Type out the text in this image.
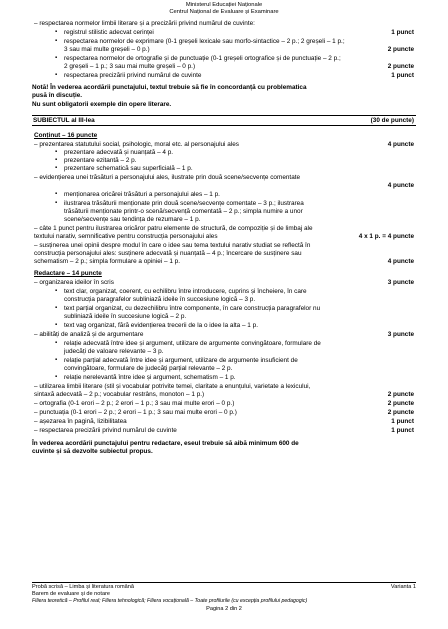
Ministerul Educației Naționale
Centrul Național de Evaluare și Examinare
– respectarea normelor limbii literare și a precizării privind numărul de cuvinte:
▪ registrul stilistic adecvat cerinței	1 punct
▪ respectarea normelor de exprimare (0-1 greșeli lexicale sau morfo-sintactice – 2 p.; 2 greșeli – 1 p.;
3 sau mai multe greșeli – 0 p.)	2 puncte
▪ respectarea normelor de ortografie și de punctuație (0-1 greșeli ortografice și de punctuație – 2 p.;
2 greșeli – 1 p.; 3 sau mai multe greșeli – 0 p.)	2 puncte
▪ respectarea precizării privind numărul de cuvinte	1 punct
Notă! În vederea acordării punctajului, textul trebuie să fie în concordanță cu problematica
pusă în discuție.
Nu sunt obligatorii exemple din opere literare.
SUBIECTUL al III-lea	(30 de puncte)
Conținut – 16 puncte
– prezentarea statutului social, psihologic, moral etc. al personajului ales	4 puncte
▪ prezentare adecvată și nuanțată – 4 p.
▪ prezentare ezitantă – 2 p.
▪ prezentare schematică sau superficială – 1 p.
– evidențierea unei trăsături a personajului ales, ilustrate prin două scene/secvențe comentate
4 puncte
▪ menționarea oricărei trăsături a personajului ales – 1 p.
▪ ilustrarea trăsăturii menționate prin două scene/secvențe comentate – 3 p.; ilustrarea
trăsăturii menționate printr-o scenă/secvență comentată – 2 p.; simpla numire a unor
scene/secvențe sau tendința de rezumare – 1 p.
– câte 1 punct pentru ilustrarea oricăror patru elemente de structură, de compoziție și de limbaj ale
textului narativ, semnificative pentru construcția personajului ales	4 x 1 p. = 4 puncte
– susținerea unei opinii despre modul în care o idee sau tema textului narativ studiat se reflectă în
construcția personajului ales: susținere adecvată și nuanțată – 4 p.; încercare de susținere sau
schematism – 2 p.; simpla formulare a opiniei – 1 p.	4 puncte
Redactare – 14 puncte
– organizarea ideilor în scris	3 puncte
▪ text clar, organizat, coerent, cu echilibru între introducere, cuprins și încheiere, în care
construcția paragrafelor subliniază ideile în succesiune logică – 3 p.
▪ text parțial organizat, cu dezechilibru între componente, în care construcția paragrafelor nu
subliniază ideile în succesiune logică – 2 p.
▪ text vag organizat, fără evidențierea trecerii de la o idee la alta – 1 p.
– abilități de analiză și de argumentare	3 puncte
▪ relație adecvată între idee și argument, utilizare de argumente convingătoare, formulare de
judecăți de valoare relevante – 3 p.
▪ relație parțial adecvată între idee și argument, utilizare de argumente insuficient de
convingătoare, formulare de judecăți parțial relevante – 2 p.
▪ relație nerelevantă între idee și argument, schematism – 1 p.
– utilizarea limbii literare (stil și vocabular potrivite temei, claritate a enunțului, varietate a lexicului,
sintaxă adecvată – 2 p.; vocabular restrâns, monoton – 1 p.)	2 puncte
– ortografia (0-1 erori – 2 p.; 2 erori – 1 p.; 3 sau mai multe erori – 0 p.)	2 puncte
– punctuația (0-1 erori – 2 p.; 2 erori – 1 p.; 3 sau mai multe erori – 0 p.)	2 puncte
– așezarea în pagină, lizibilitatea	1 punct
– respectarea precizării privind numărul de cuvinte	1 punct
În vederea acordării punctajului pentru redactare, eseul trebuie să aibă minimum 600 de
cuvinte și să dezvolte subiectul propus.
Probă scrisă – Limba și literatura română	Varianta 1
Barem de evaluare și de notare
Filiera teoretică – Profilul real; Filiera tehnologică; Filiera vocațională – Toate profilurile (cu excepția profilului pedagogic)
Pagina 2 din 2
